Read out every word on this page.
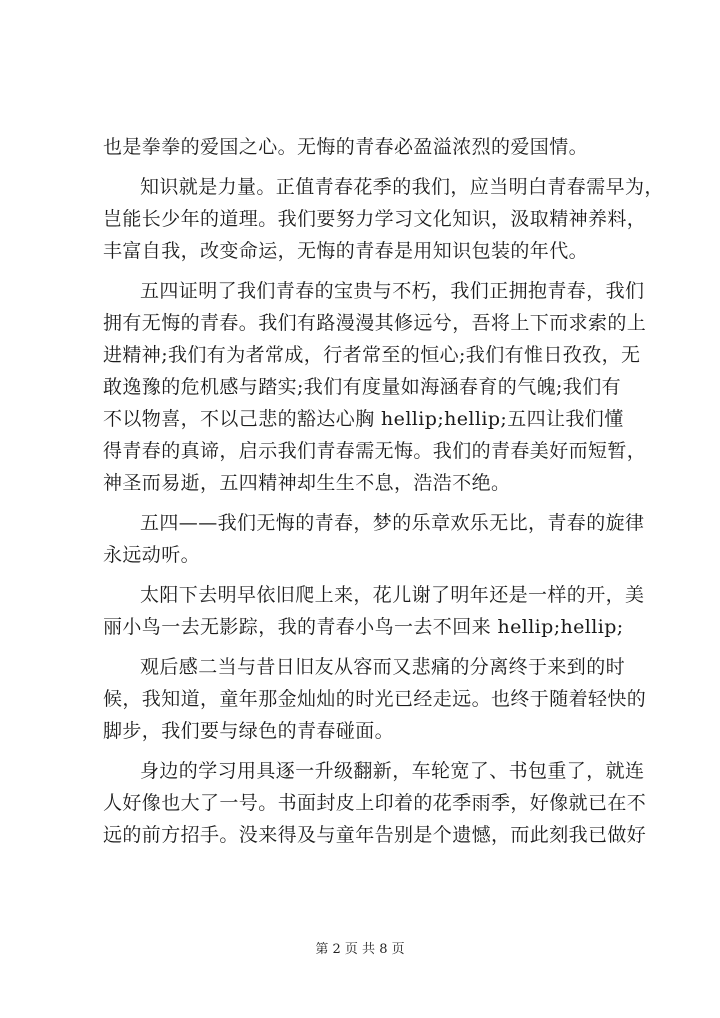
也是拳拳的爱国之心。无悔的青春必盈溢浓烈的爱国情。
知识就是力量。正值青春花季的我们，应当明白青春需早为，
岂能长少年的道理。我们要努力学习文化知识，汲取精神养料，
丰富自我，改变命运，无悔的青春是用知识包装的年代。
五四证明了我们青春的宝贵与不朽，我们正拥抱青春，我们
拥有无悔的青春。我们有路漫漫其修远兮，吾将上下而求索的上
进精神;我们有为者常成，行者常至的恒心;我们有惟日孜孜，无
敢逸豫的危机感与踏实;我们有度量如海涵春育的气魄;我们有
不以物喜，不以己悲的豁达心胸 hellip;hellip;五四让我们懂
得青春的真谛，启示我们青春需无悔。我们的青春美好而短暂，
神圣而易逝，五四精神却生生不息，浩浩不绝。
五四——我们无悔的青春，梦的乐章欢乐无比，青春的旋律
永远动听。
太阳下去明早依旧爬上来，花儿谢了明年还是一样的开，美
丽小鸟一去无影踪，我的青春小鸟一去不回来 hellip;hellip;
观后感二当与昔日旧友从容而又悲痛的分离终于来到的时
候，我知道，童年那金灿灿的时光已经走远。也终于随着轻快的
脚步，我们要与绿色的青春碰面。
身边的学习用具逐一升级翻新，车轮宽了、书包重了，就连
人好像也大了一号。书面封皮上印着的花季雨季，好像就已在不
远的前方招手。没来得及与童年告别是个遗憾，而此刻我已做好
第 2 页 共 8 页
